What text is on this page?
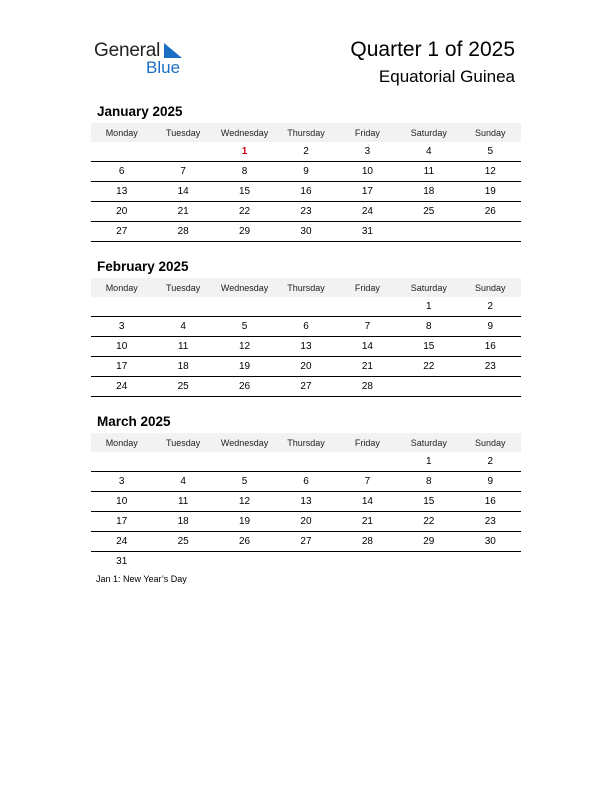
General
Blue
Quarter 1 of 2025
Equatorial Guinea
January 2025
Monday	Tuesday	Wednesday	Thursday	Friday	Saturday	Sunday
		1	2	3	4	5
6	7	8	9	10	11	12
13	14	15	16	17	18	19
20	21	22	23	24	25	26
27	28	29	30	31		
February 2025
Monday	Tuesday	Wednesday	Thursday	Friday	Saturday	Sunday
					1	2
3	4	5	6	7	8	9
10	11	12	13	14	15	16
17	18	19	20	21	22	23
24	25	26	27	28		
March 2025
Monday	Tuesday	Wednesday	Thursday	Friday	Saturday	Sunday
					1	2
3	4	5	6	7	8	9
10	11	12	13	14	15	16
17	18	19	20	21	22	23
24	25	26	27	28	29	30
31						
Jan 1: New Year’s Day
